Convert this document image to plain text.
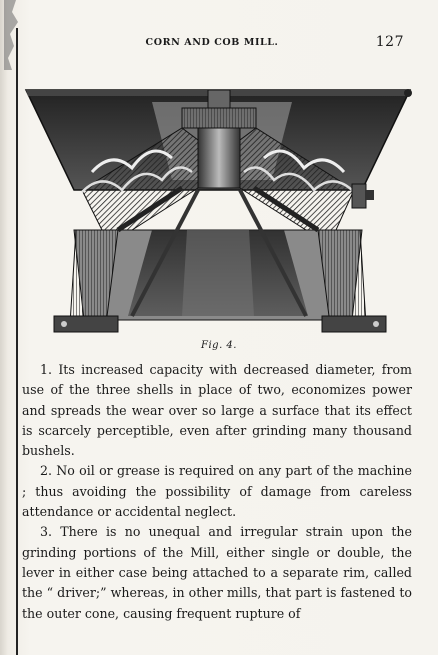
CORN AND COB MILL.	127
Fig. 4.

1. Its increased capacity with decreased diameter, from use of the three shells in place of two, economizes power and spreads the wear over so large a surface that its effect is scarcely perceptible, even after grinding many thousand bushels.

2. No oil or grease is required on any part of the machine ; thus avoiding the possibility of damage from careless attendance or accidental neglect.

3. There is no unequal and irregular strain upon the grinding portions of the Mill, either single or double, the lever in either case being attached to a separate rim, called the “ driver;” whereas, in other mills, that part is fastened to the outer cone, causing frequent rupture of
